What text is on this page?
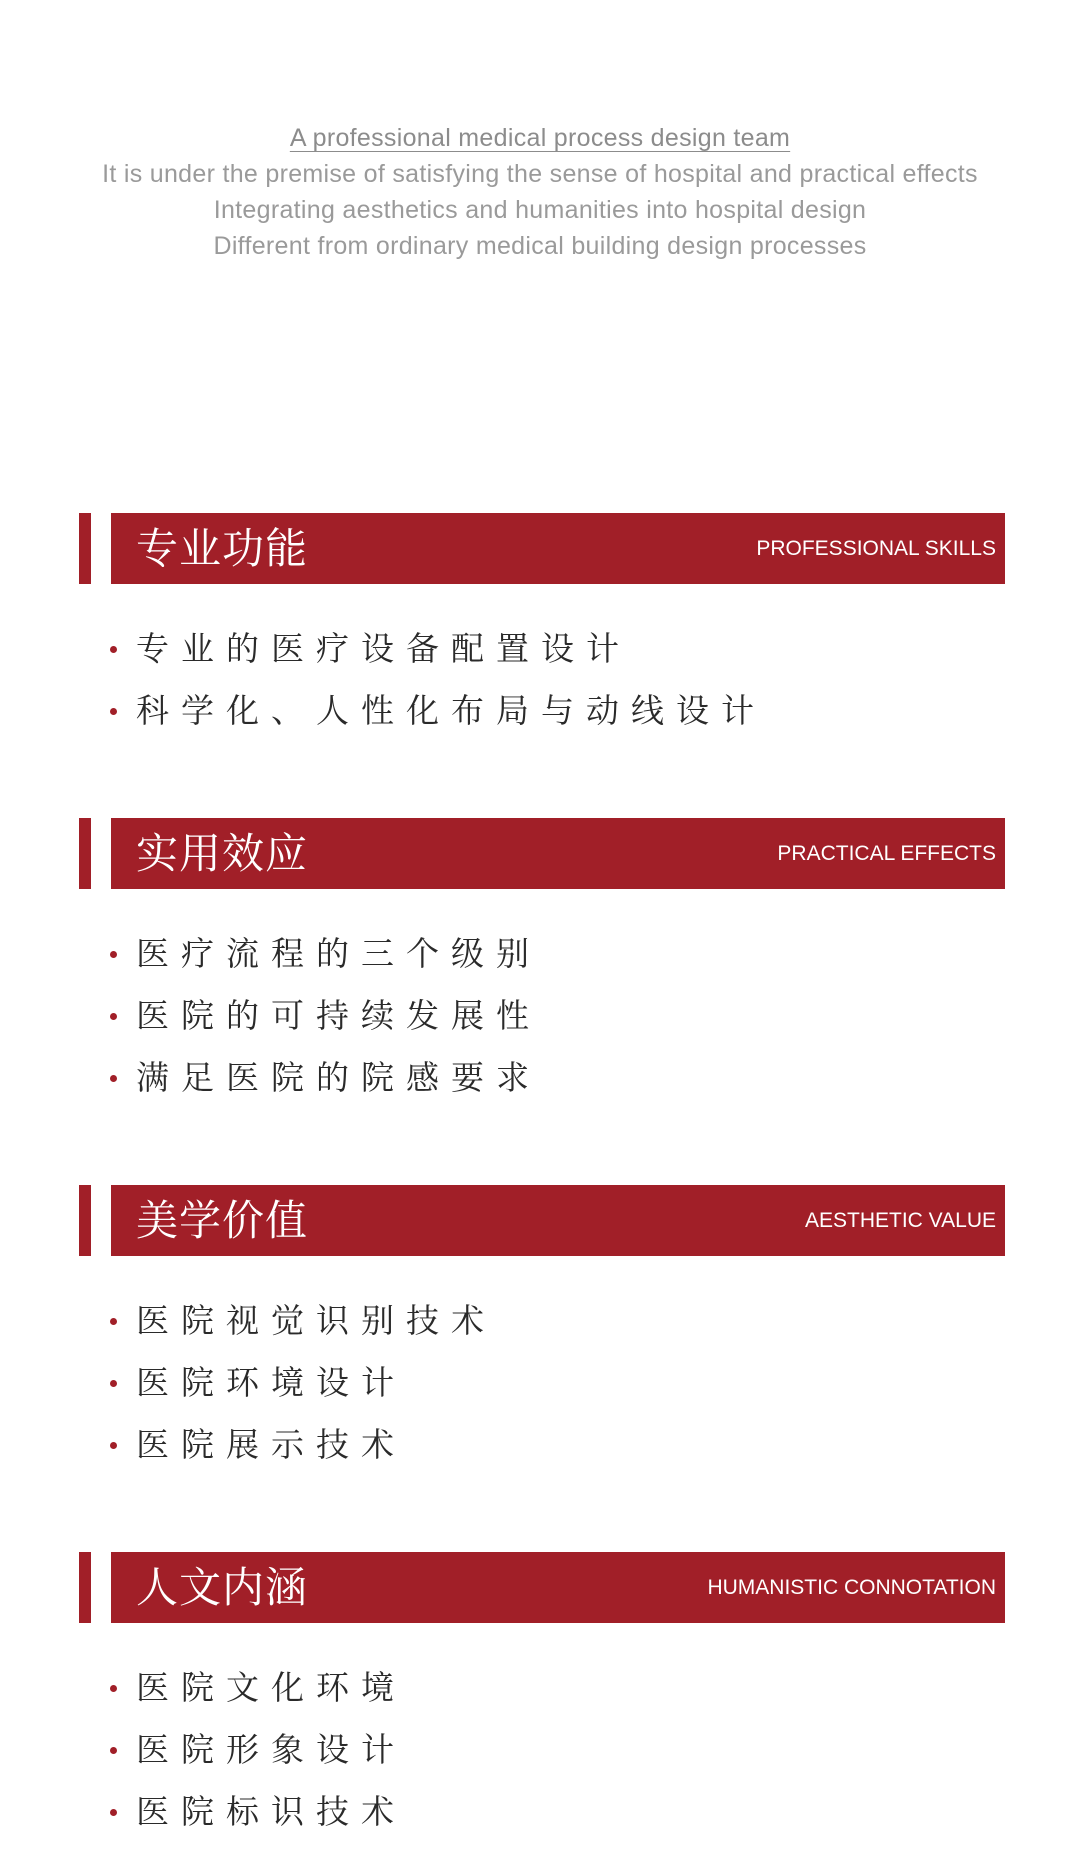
A professional medical process design team
It is under the premise of satisfying the sense of hospital and practical effects
Integrating aesthetics and humanities into hospital design
Different from ordinary medical building design processes
专业功能	PROFESSIONAL SKILLS
专业的医疗设备配置设计
科学化、人性化布局与动线设计
实用效应	PRACTICAL EFFECTS
医疗流程的三个级别
医院的可持续发展性
满足医院的院感要求
美学价值	AESTHETIC VALUE
医院视觉识别技术
医院环境设计
医院展示技术
人文内涵	HUMANISTIC CONNOTATION
医院文化环境
医院形象设计
医院标识技术
